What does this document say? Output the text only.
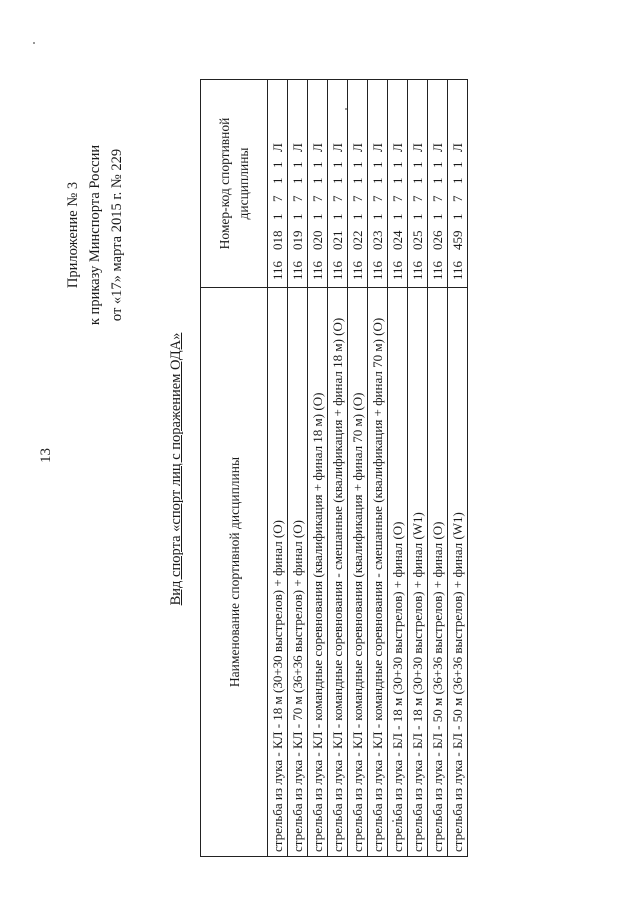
13
Приложение № 3 к приказу Минспорта России от «17» марта 2015 г. № 229
Вид спорта «спорт лиц с поражением ОДА»	Наименование спортивной дисциплины	Номер-код спортивной дисциплины
стрельба из лука - КЛ - 18 м (30+30 выстрелов) + финал (О)	1160181711Л
стрельба из лука - КЛ - 70 м (36+36 выстрелов) + финал (О)	1160191711Л
стрельба из лука - КЛ - командные соревнования (квалификация + финал 18 м) (О)	1160201711Л
стрельба из лука - КЛ - командные соревнования - смешанные (квалификация + финал 18 м) (О)	1160211711Л
стрельба из лука - КЛ - командные соревнования (квалификация + финал 70 м) (О)	1160221711Л
стрельба из лука - КЛ - командные соревнования - смешанные (квалификация + финал 70 м) (О)	1160231711Л
стрельба из лука - БЛ - 18 м (30+30 выстрелов) + финал (О)	1160241711Л
стрельба из лука - БЛ - 18 м (30+30 выстрелов) + финал (W1)	1160251711Л
стрельба из лука - БЛ - 50 м (36+36 выстрелов) + финал (О)	1160261711Л
стрельба из лука - БЛ - 50 м (36+36 выстрелов) + финал (W1)	1164591711Л
